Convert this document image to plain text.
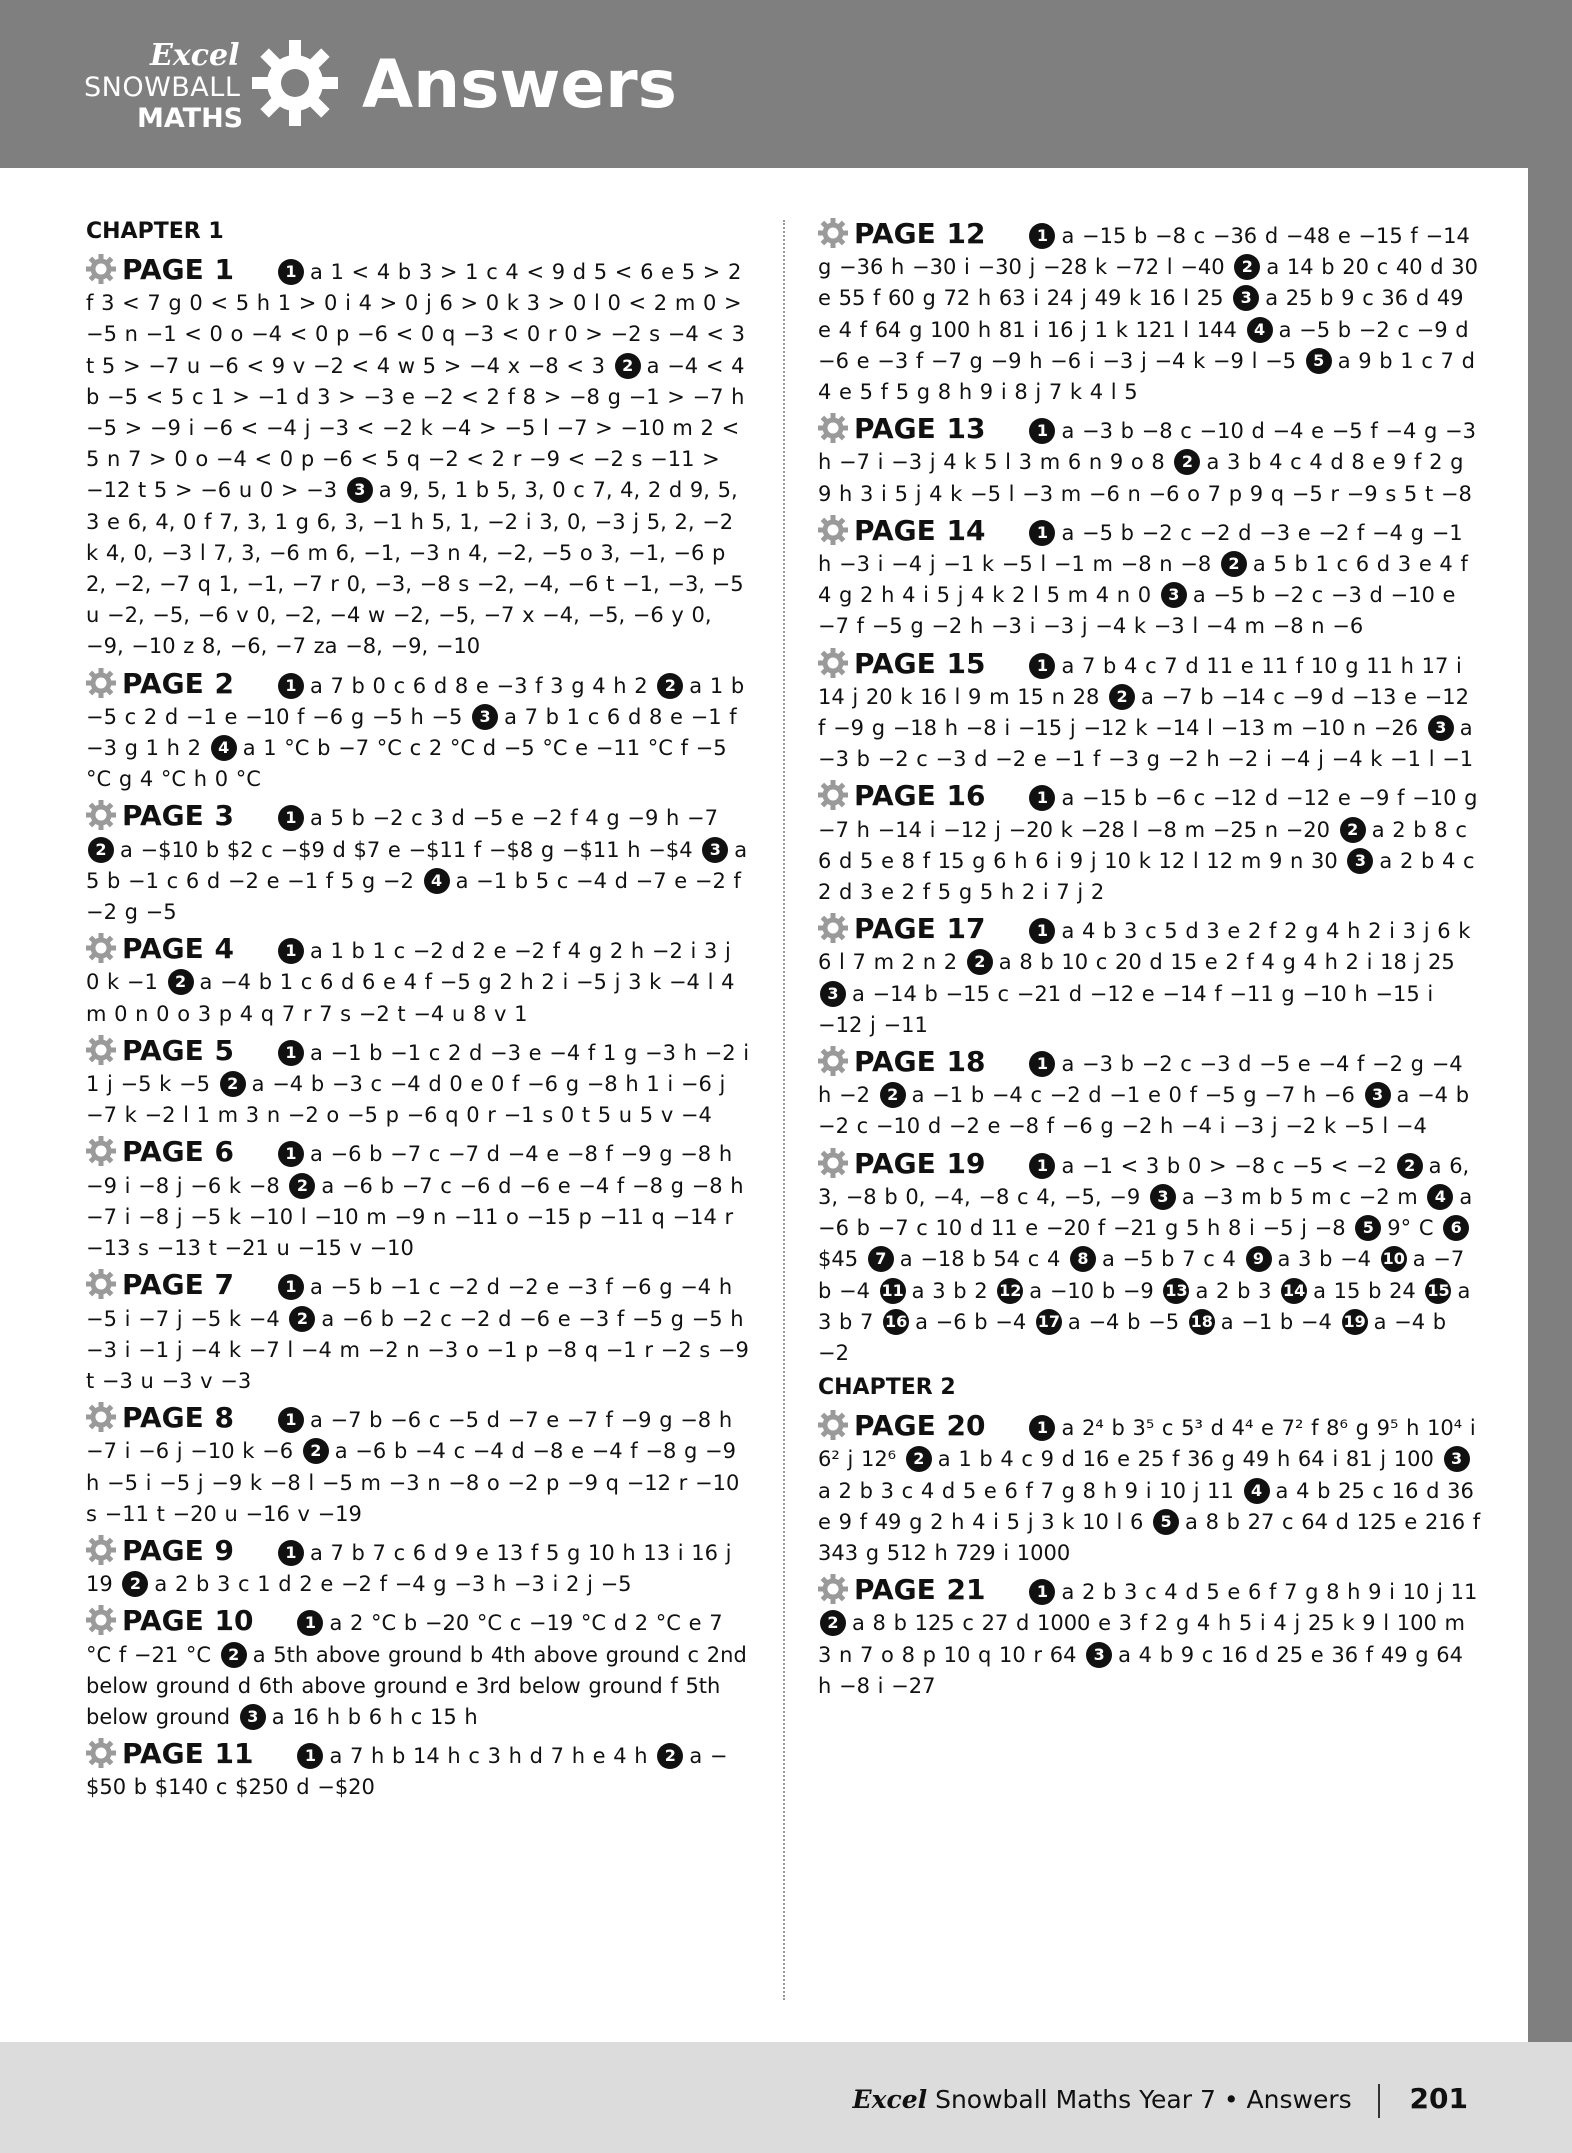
Excel
SNOWBALL
MATHS Answers
CHAPTER 1
PAGE 1	1 a 1 < 4 b 3 > 1 c 4 < 9 d 5 < 6 e 5 > 2 f 3 < 7 g 0 < 5 h 1 > 0 i 4 > 0 j 6 > 0 k 3 > 0 l 0 < 2 m 0 > −5 n −1 < 0 o −4 < 0 p −6 < 0 q −3 < 0 r 0 > −2 s −4 < 3 t 5 > −7 u −6 < 9 v −2 < 4 w 5 > −4 x −8 < 3 2 a −4 < 4 b −5 < 5 c 1 > −1 d 3 > −3 e −2 < 2 f 8 > −8 g −1 > −7 h −5 > −9 i −6 < −4 j −3 < −2 k −4 > −5 l −7 > −10 m 2 < 5 n 7 > 0 o −4 < 0 p −6 < 5 q −2 < 2 r −9 < −2 s −11 > −12 t 5 > −6 u 0 > −3 3 a 9, 5, 1 b 5, 3, 0 c 7, 4, 2 d 9, 5, 3 e 6, 4, 0 f 7, 3, 1 g 6, 3, −1 h 5, 1, −2 i 3, 0, −3 j 5, 2, −2 k 4, 0, −3 l 7, 3, −6 m 6, −1, −3 n 4, −2, −5 o 3, −1, −6 p 2, −2, −7 q 1, −1, −7 r 0, −3, −8 s −2, −4, −6 t −1, −3, −5 u −2, −5, −6 v 0, −2, −4 w −2, −5, −7 x −4, −5, −6 y 0, −9, −10 z 8, −6, −7 za −8, −9, −10
PAGE 2	1 a 7 b 0 c 6 d 8 e −3 f 3 g 4 h 2 2 a 1 b −5 c 2 d −1 e −10 f −6 g −5 h −5 3 a 7 b 1 c 6 d 8 e −1 f −3 g 1 h 2 4 a 1 °C b −7 °C c 2 °C d −5 °C e −11 °C f −5 °C g 4 °C h 0 °C
PAGE 3	1 a 5 b −2 c 3 d −5 e −2 f 4 g −9 h −7 2 a −$10 b $2 c −$9 d $7 e −$11 f −$8 g −$11 h −$4 3 a 5 b −1 c 6 d −2 e −1 f 5 g −2 4 a −1 b 5 c −4 d −7 e −2 f −2 g −5
PAGE 4	1 a 1 b 1 c −2 d 2 e −2 f 4 g 2 h −2 i 3 j 0 k −1 2 a −4 b 1 c 6 d 6 e 4 f −5 g 2 h 2 i −5 j 3 k −4 l 4 m 0 n 0 o 3 p 4 q 7 r 7 s −2 t −4 u 8 v 1
PAGE 5	1 a −1 b −1 c 2 d −3 e −4 f 1 g −3 h −2 i 1 j −5 k −5 2 a −4 b −3 c −4 d 0 e 0 f −6 g −8 h 1 i −6 j −7 k −2 l 1 m 3 n −2 o −5 p −6 q 0 r −1 s 0 t 5 u 5 v −4
PAGE 6	1 a −6 b −7 c −7 d −4 e −8 f −9 g −8 h −9 i −8 j −6 k −8 2 a −6 b −7 c −6 d −6 e −4 f −8 g −8 h −7 i −8 j −5 k −10 l −10 m −9 n −11 o −15 p −11 q −14 r −13 s −13 t −21 u −15 v −10
PAGE 7	1 a −5 b −1 c −2 d −2 e −3 f −6 g −4 h −5 i −7 j −5 k −4 2 a −6 b −2 c −2 d −6 e −3 f −5 g −5 h −3 i −1 j −4 k −7 l −4 m −2 n −3 o −1 p −8 q −1 r −2 s −9 t −3 u −3 v −3
PAGE 8	1 a −7 b −6 c −5 d −7 e −7 f −9 g −8 h −7 i −6 j −10 k −6 2 a −6 b −4 c −4 d −8 e −4 f −8 g −9 h −5 i −5 j −9 k −8 l −5 m −3 n −8 o −2 p −9 q −12 r −10 s −11 t −20 u −16 v −19
PAGE 9	1 a 7 b 7 c 6 d 9 e 13 f 5 g 10 h 13 i 16 j 19 2 a 2 b 3 c 1 d 2 e −2 f −4 g −3 h −3 i 2 j −5
PAGE 10	1 a 2 °C b −20 °C c −19 °C d 2 °C e 7 °C f −21 °C 2 a 5th above ground b 4th above ground c 2nd below ground d 6th above ground e 3rd below ground f 5th below ground 3 a 16 h b 6 h c 15 h
PAGE 11	1 a 7 h b 14 h c 3 h d 7 h e 4 h 2 a −$50 b $140 c $250 d −$20
PAGE 12	1 a −15 b −8 c −36 d −48 e −15 f −14 g −36 h −30 i −30 j −28 k −72 l −40 2 a 14 b 20 c 40 d 30 e 55 f 60 g 72 h 63 i 24 j 49 k 16 l 25 3 a 25 b 9 c 36 d 49 e 4 f 64 g 100 h 81 i 16 j 1 k 121 l 144 4 a −5 b −2 c −9 d −6 e −3 f −7 g −9 h −6 i −3 j −4 k −9 l −5 5 a 9 b 1 c 7 d 4 e 5 f 5 g 8 h 9 i 8 j 7 k 4 l 5
PAGE 13	1 a −3 b −8 c −10 d −4 e −5 f −4 g −3 h −7 i −3 j 4 k 5 l 3 m 6 n 9 o 8 2 a 3 b 4 c 4 d 8 e 9 f 2 g 9 h 3 i 5 j 4 k −5 l −3 m −6 n −6 o 7 p 9 q −5 r −9 s 5 t −8
PAGE 14	1 a −5 b −2 c −2 d −3 e −2 f −4 g −1 h −3 i −4 j −1 k −5 l −1 m −8 n −8 2 a 5 b 1 c 6 d 3 e 4 f 4 g 2 h 4 i 5 j 4 k 2 l 5 m 4 n 0 3 a −5 b −2 c −3 d −10 e −7 f −5 g −2 h −3 i −3 j −4 k −3 l −4 m −8 n −6
PAGE 15	1 a 7 b 4 c 7 d 11 e 11 f 10 g 11 h 17 i 14 j 20 k 16 l 9 m 15 n 28 2 a −7 b −14 c −9 d −13 e −12 f −9 g −18 h −8 i −15 j −12 k −14 l −13 m −10 n −26 3 a −3 b −2 c −3 d −2 e −1 f −3 g −2 h −2 i −4 j −4 k −1 l −1
PAGE 16	1 a −15 b −6 c −12 d −12 e −9 f −10 g −7 h −14 i −12 j −20 k −28 l −8 m −25 n −20 2 a 2 b 8 c 6 d 5 e 8 f 15 g 6 h 6 i 9 j 10 k 12 l 12 m 9 n 30 3 a 2 b 4 c 2 d 3 e 2 f 5 g 5 h 2 i 7 j 2
PAGE 17	1 a 4 b 3 c 5 d 3 e 2 f 2 g 4 h 2 i 3 j 6 k 6 l 7 m 2 n 2 2 a 8 b 10 c 20 d 15 e 2 f 4 g 4 h 2 i 18 j 25 3 a −14 b −15 c −21 d −12 e −14 f −11 g −10 h −15 i −12 j −11
PAGE 18	1 a −3 b −2 c −3 d −5 e −4 f −2 g −4 h −2 2 a −1 b −4 c −2 d −1 e 0 f −5 g −7 h −6 3 a −4 b −2 c −10 d −2 e −8 f −6 g −2 h −4 i −3 j −2 k −5 l −4
PAGE 19	1 a −1 < 3 b 0 > −8 c −5 < −2 2 a 6, 3, −8 b 0, −4, −8 c 4, −5, −9 3 a −3 m b 5 m c −2 m 4 a −6 b −7 c 10 d 11 e −20 f −21 g 5 h 8 i −5 j −8 5 9° C 6$45 7 a −18 b 54 c 4 8 a −5 b 7 c 4 9 a 3 b −4 10 a −7 b −4 11 a 3 b 2 12 a −10 b −9 13 a 2 b 3 14 a 15 b 24 15 a 3 b 7 16 a −6 b −4 17 a −4 b −5 18 a −1 b −4 19 a −4 b −2
CHAPTER 2
PAGE 20	1 a 2⁴ b 3⁵ c 5³ d 4⁴ e 7² f 8⁶ g 9⁵ h 10⁴ i 6² j 12⁶ 2 a 1 b 4 c 9 d 16 e 25 f 36 g 49 h 64 i 81 j 100 3a 2 b 3 c 4 d 5 e 6 f 7 g 8 h 9 i 10 j 11 4 a 4 b 25 c 16 d 36 e 9 f 49 g 2 h 4 i 5 j 3 k 10 l 6 5 a 8 b 27 c 64 d 125 e 216 f 343 g 512 h 729 i 1000
PAGE 21	1 a 2 b 3 c 4 d 5 e 6 f 7 g 8 h 9 i 10 j 11 2 a 8 b 125 c 27 d 1000 e 3 f 2 g 4 h 5 i 4 j 25 k 9 l 100 m 3 n 7 o 8 p 10 q 10 r 64 3 a 4 b 9 c 16 d 25 e 36 f 49 g 64 h −8 i −27
Excel Snowball Maths Year 7 • Answers 201
